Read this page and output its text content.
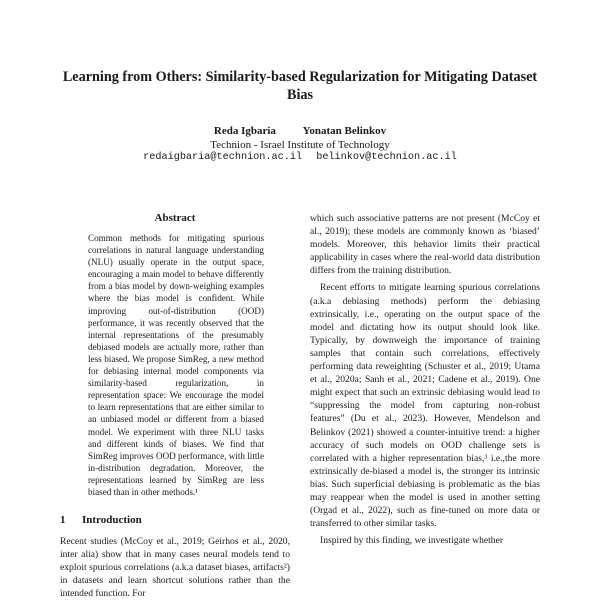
Learning from Others: Similarity-based Regularization for Mitigating Dataset Bias
Reda Igbaria Yonatan Belinkov
Technion - Israel Institute of Technology
redaigbaria@technion.ac.il belinkov@technion.ac.il
Abstract
Common methods for mitigating spurious correlations in natural language understanding (NLU) usually operate in the output space, encouraging a main model to behave differently from a bias model by down-weighing examples where the bias model is confident. While improving out-of-distribution (OOD) performance, it was recently observed that the internal representations of the presumably debiased models are actually more, rather than less biased. We propose SimReg, a new method for debiasing internal model components via similarity-based regularization, in representation space: We encourage the model to learn representations that are either similar to an unbiased model or different from a biased model. We experiment with three NLU tasks and different kinds of biases. We find that SimReg improves OOD performance, with little in-distribution degradation. Moreover, the representations learned by SimReg are less biased than in other methods.¹
1 Introduction

Recent studies (McCoy et al., 2019; Geirhos et al., 2020, inter alia) show that in many cases neural models tend to exploit spurious correlations (a.k.a dataset biases, artifacts²) in datasets and learn shortcut solutions rather than the intended function. For

which such associative patterns are not present (McCoy et al., 2019); these models are commonly known as ‘biased’ models. Moreover, this behavior limits their practical applicability in cases where the real-world data distribution differs from the training distribution.

Recent efforts to mitigate learning spurious correlations (a.k.a debiasing methods) perform the debiasing extrinsically, i.e., operating on the output space of the model and dictating how its output should look like. Typically, by downweigh the importance of training samples that contain such correlations, effectively performing data reweighting (Schuster et al., 2019; Utama et al., 2020a; Sanh et al., 2021; Cadene et al., 2019). One might expect that such an extrinsic debiasing would lead to “suppressing the model from capturing non-robust features” (Du et al., 2023). However, Mendelson and Belinkov (2021) showed a counter-intuitive trend: a higher accuracy of such models on OOD challenge sets is correlated with a higher representation bias,³ i.e.,the more extrinsically de-biased a model is, the stronger its intrinsic bias. Such superficial debiasing is problematic as the bias may reappear when the model is used in another setting (Orgad et al., 2022), such as fine-tuned on more data or transferred to other similar tasks.

Inspired by this finding, we investigate whether
